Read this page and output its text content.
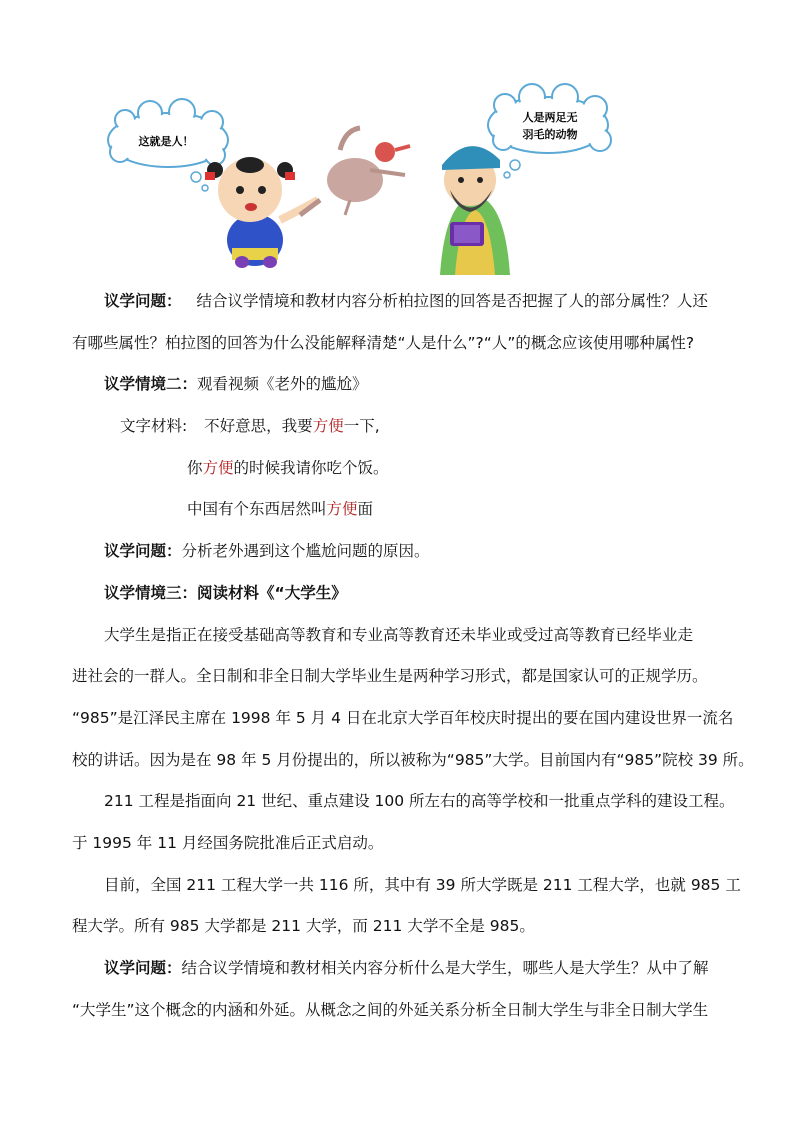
这就是人！
人是两足无
羽毛的动物
议学问题： 结合议学情境和教材内容分析柏拉图的回答是否把握了人的部分属性？人还
有哪些属性？柏拉图的回答为什么没能解释清楚“人是什么”?“人”的概念应该使用哪种属性?
议学情境二：观看视频《老外的尴尬》
文字材料: 不好意思，我要方便一下,
你方便的时候我请你吃个饭。
中国有个东西居然叫方便面
议学问题：分析老外遇到这个尴尬问题的原因。
议学情境三：阅读材料《“大学生》
大学生是指正在接受基础高等教育和专业高等教育还未毕业或受过高等教育已经毕业走
进社会的一群人。全日制和非全日制大学毕业生是两种学习形式，都是国家认可的正规学历。
“985”是江泽民主席在 1998 年 5 月 4 日在北京大学百年校庆时提出的要在国内建设世界一流名
校的讲话。因为是在 98 年 5 月份提出的，所以被称为“985”大学。目前国内有“985”院校 39 所。
211 工程是指面向 21 世纪、重点建设 100 所左右的高等学校和一批重点学科的建设工程。
于 1995 年 11 月经国务院批准后正式启动。
目前，全国 211 工程大学一共 116 所，其中有 39 所大学既是 211 工程大学，也就 985 工
程大学。所有 985 大学都是 211 大学，而 211 大学不全是 985。
议学问题：结合议学情境和教材相关内容分析什么是大学生，哪些人是大学生？从中了解
“大学生”这个概念的内涵和外延。从概念之间的外延关系分析全日制大学生与非全日制大学生
